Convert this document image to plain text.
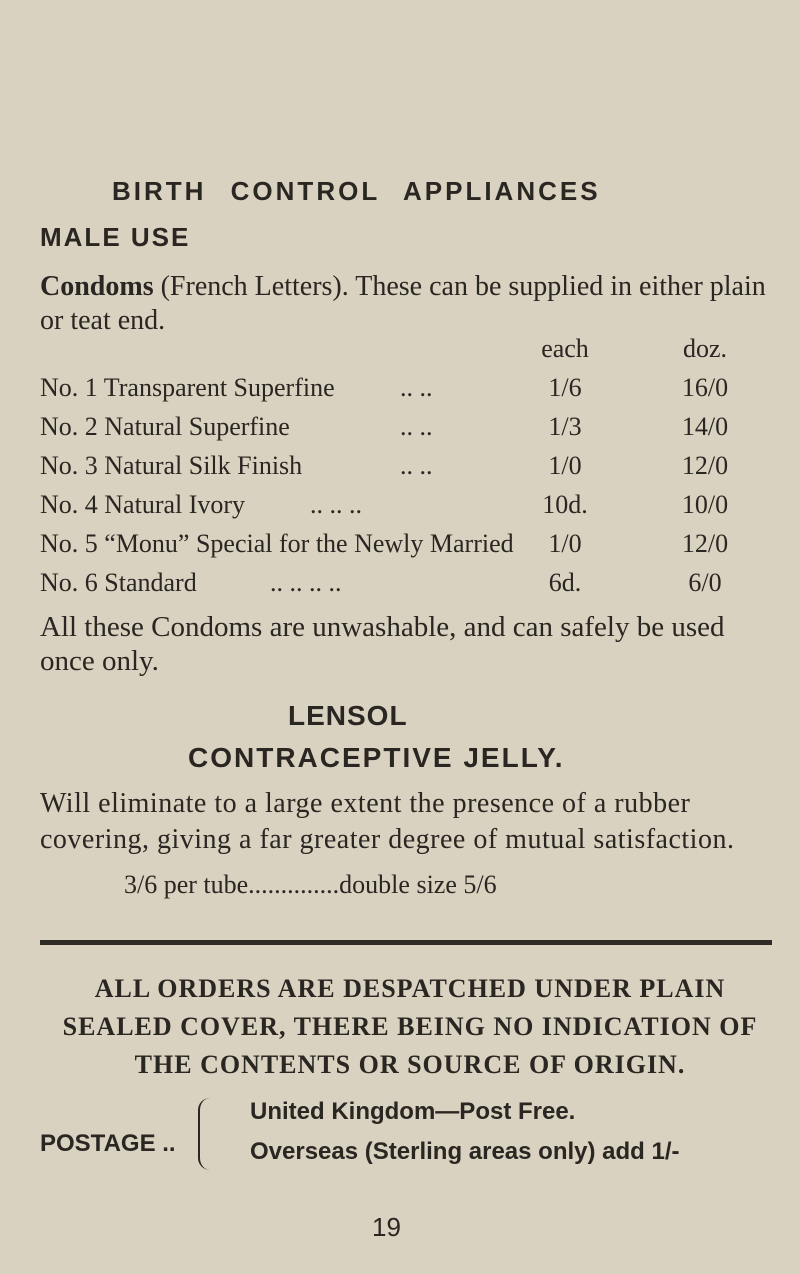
BIRTH CONTROL APPLIANCES
MALE USE
Condoms (French Letters). These can be supplied in either plain or teat end.
each	doz.
No. 1 Transparent Superfine	.. ..	1/6	16/0
No. 2 Natural Superfine	.. ..	1/3	14/0
No. 3 Natural Silk Finish	.. ..	1/0	12/0
No. 4 Natural Ivory .. .. ..	10d.	10/0
No. 5 “Monu” Special for the Newly Married	1/0	12/0
No. 6 Standard	.. .. .. ..	6d.	6/0
All these Condoms are unwashable, and can safely be used once only.
LENSOL
CONTRACEPTIVE JELLY.
Will eliminate to a large extent the presence of a rubber covering, giving a far greater degree of mutual satisfaction.
3/6 per tube..............double size 5/6
ALL ORDERS ARE DESPATCHED UNDER PLAIN SEALED COVER, THERE BEING NO INDICATION OF THE CONTENTS OR SOURCE OF ORIGIN.
POSTAGE ..
United Kingdom—Post Free.
Overseas (Sterling areas only) add 1/-
19
